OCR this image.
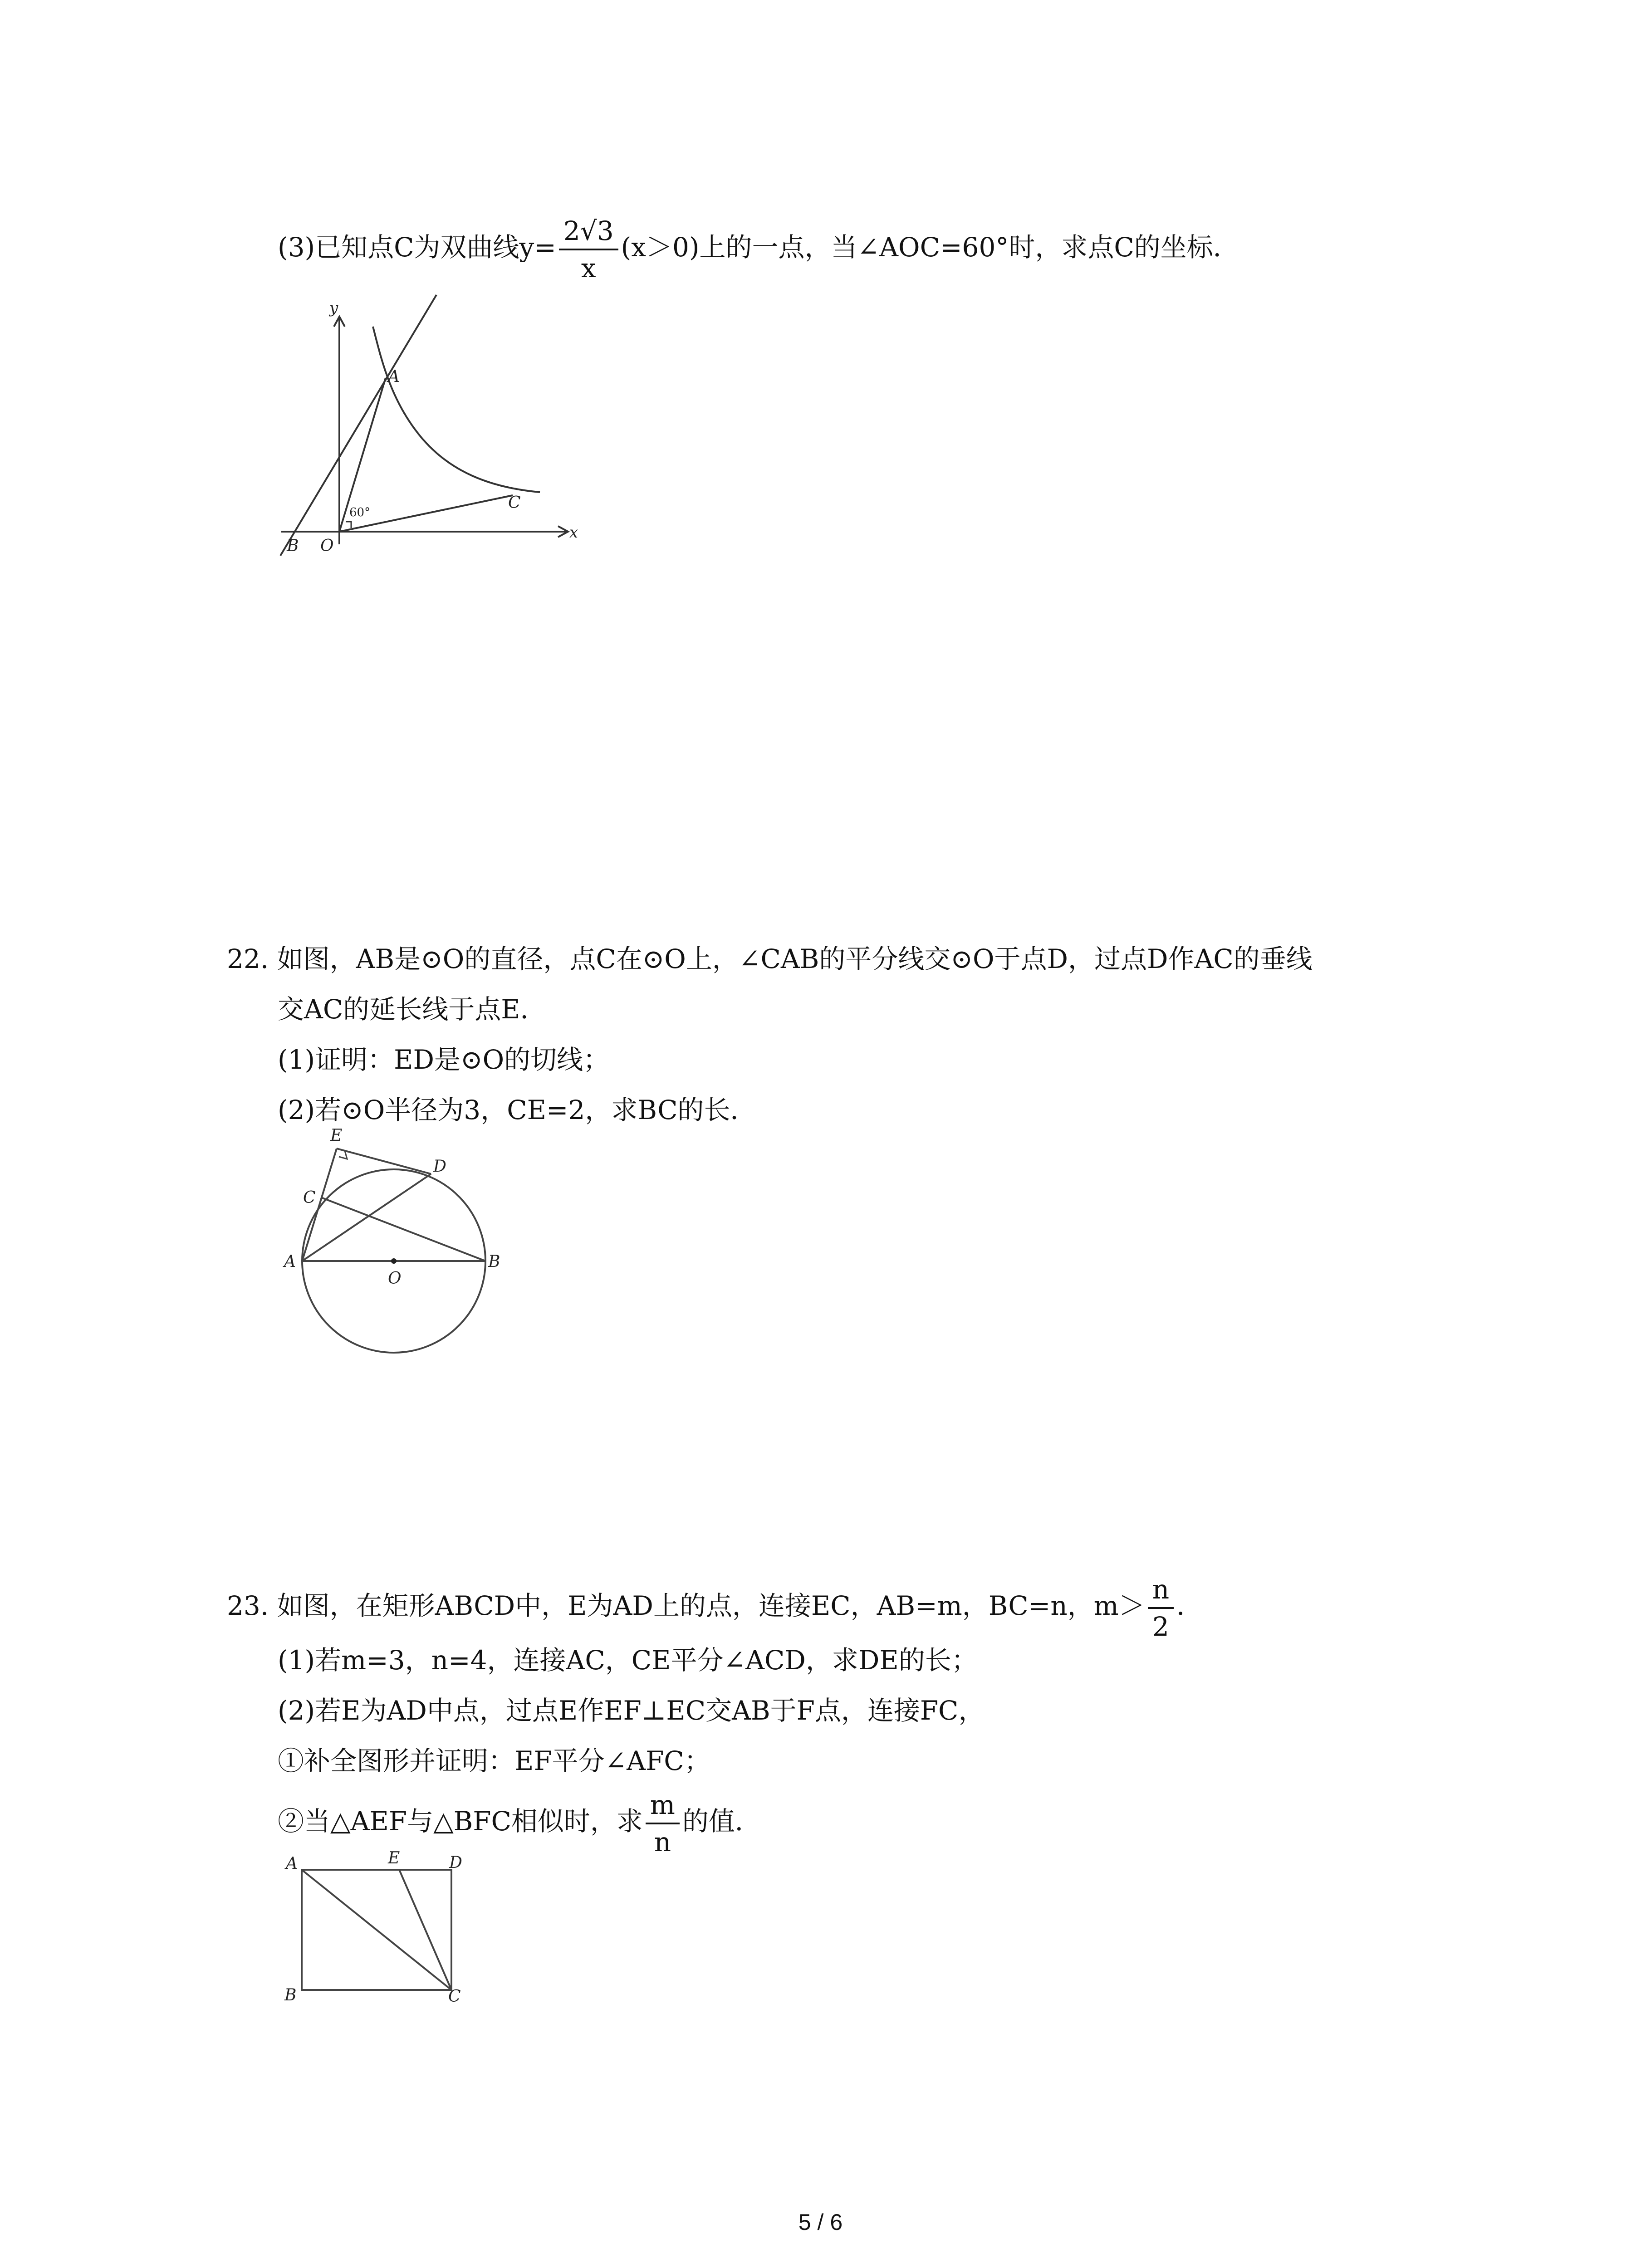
(3)已知点C为双曲线$y= \frac{2√3}{x} (x>0)$上的一点，当∠AOC=60°时，求点C的坐标．
y
x
A
B O
C
60°
22. 如图，AB是⊙O的直径，点C在⊙O上，∠CAB的平分线交⊙O于点D，过点D作AC的垂线
交AC的延长线于点E．
(1)证明：ED是⊙O的切线；
(2)若⊙O半径为3，CE=2，求BC的长．
E
D
C
A
O
B
23. 如图，在矩形ABCD中，E为AD上的点，连接EC，AB=m，BC=n，$m> \frac{n}{2}$ ．
(1)若m=3，n=4，连接AC，CE平分∠ACD，求DE的长；
(2)若E为AD中点，过点E作EF⊥EC交AB于F点，连接FC，
①补全图形并证明：EF平分∠AFC；
②当△AEF与△BFC相似时，求 $\frac{m}{n}$ 的值．
A	E	D
B	C
5 / 6
